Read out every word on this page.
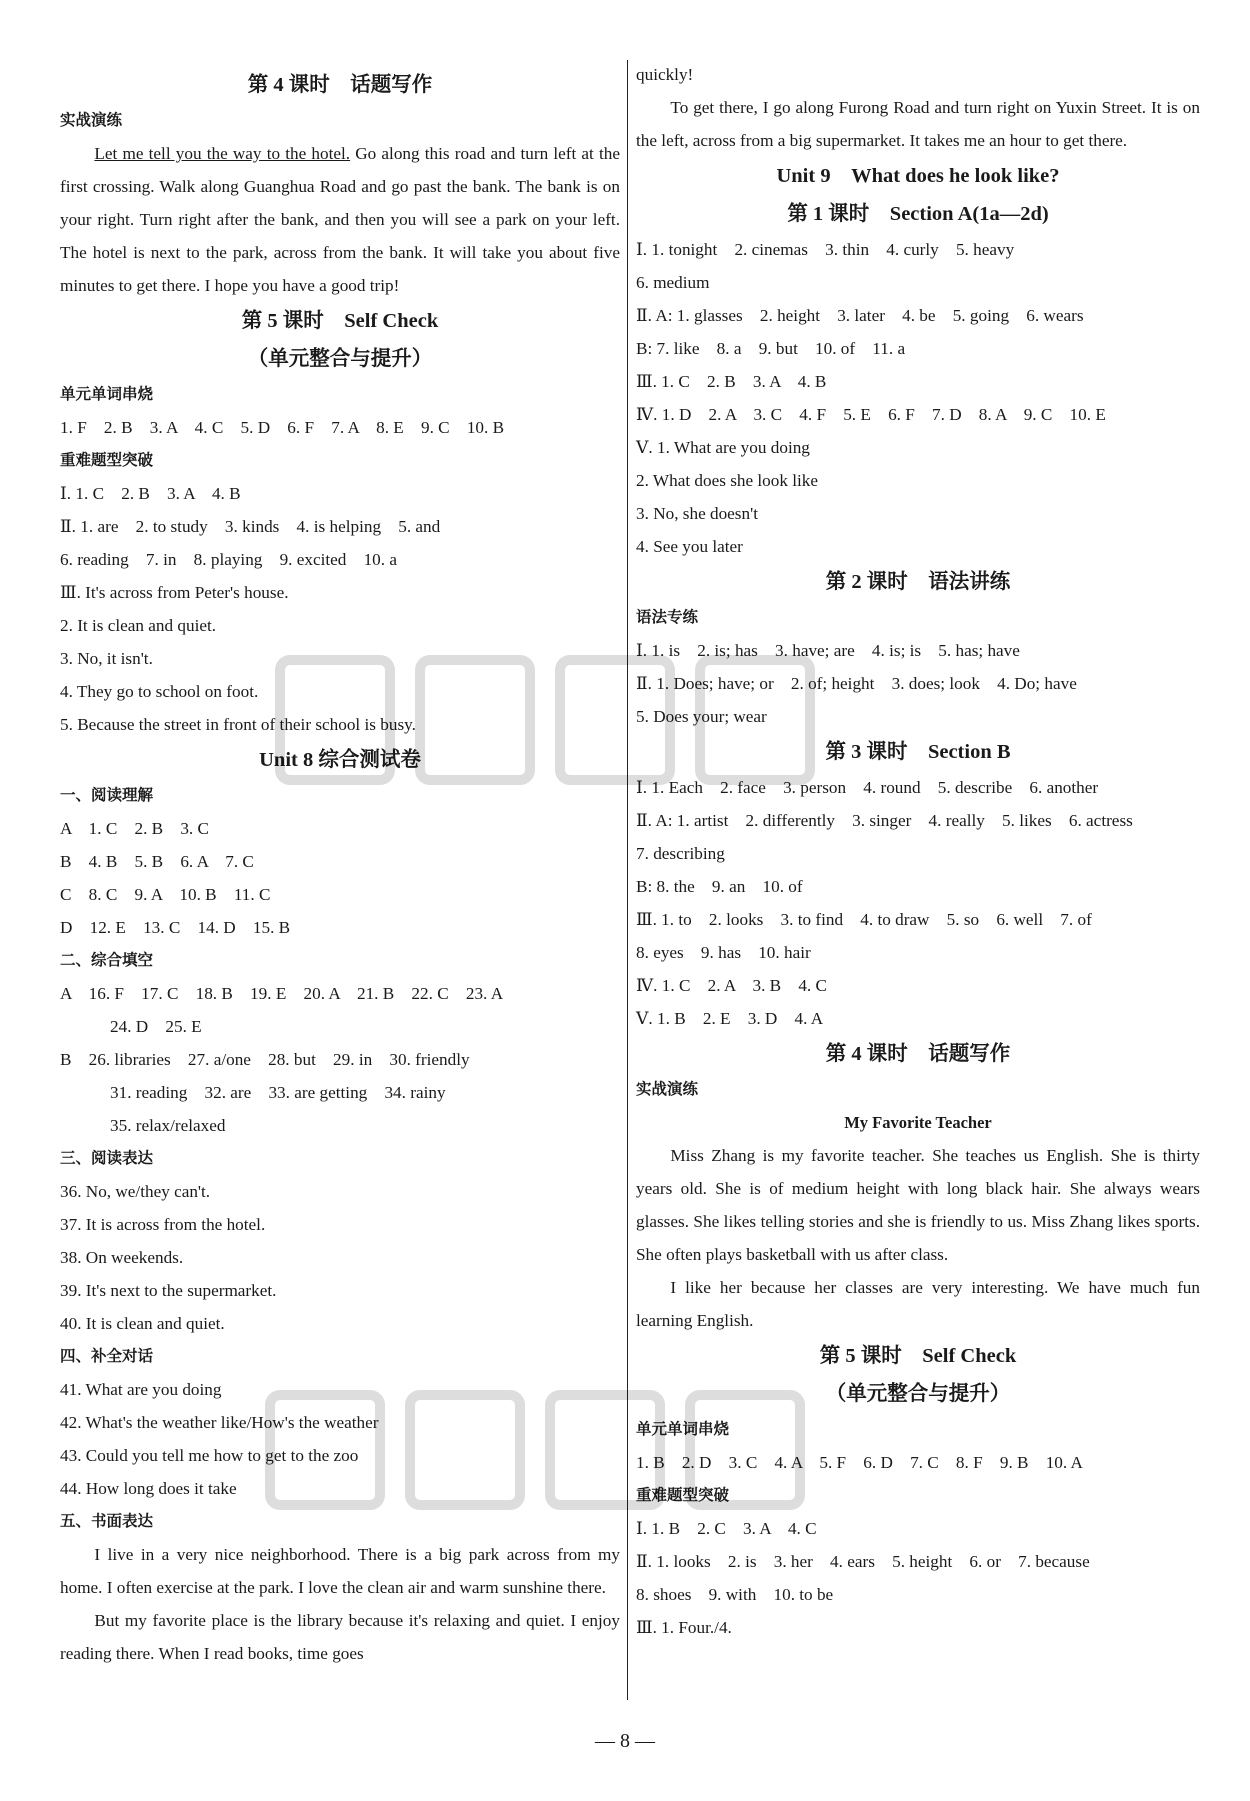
第 4 课时　话题写作
实战演练

Let me tell you the way to the hotel. Go along this road and turn left at the first crossing. Walk along Guanghua Road and go past the bank. The bank is on your right. Turn right after the bank, and then you will see a park on your left. The hotel is next to the park, across from the bank. It will take you about five minutes to get there. I hope you have a good trip!

第 5 课时　Self Check
（单元整合与提升）
单元单词串烧
1. F　2. B　3. A　4. C　5. D　6. F　7. A　8. E　9. C　10. B
重难题型突破
Ⅰ. 1. C　2. B　3. A　4. B
Ⅱ. 1. are　2. to study　3. kinds　4. is helping　5. and
6. reading　7. in　8. playing　9. excited　10. a
Ⅲ. It's across from Peter's house.
2. It is clean and quiet.
3. No, it isn't.
4. They go to school on foot.
5. Because the street in front of their school is busy.
Unit 8 综合测试卷
一、阅读理解
A　1. C　2. B　3. C
B　4. B　5. B　6. A　7. C
C　8. C　9. A　10. B　11. C
D　12. E　13. C　14. D　15. B
二、综合填空
A　16. F　17. C　18. B　19. E　20. A　21. B　22. C　23. A
24. D　25. E
B　26. libraries　27. a/one　28. but　29. in　30. friendly
31. reading　32. are　33. are getting　34. rainy
35. relax/relaxed
三、阅读表达
36. No, we/they can't.
37. It is across from the hotel.
38. On weekends.
39. It's next to the supermarket.
40. It is clean and quiet.
四、补全对话
41. What are you doing
42. What's the weather like/How's the weather
43. Could you tell me how to get to the zoo
44. How long does it take
五、书面表达

I live in a very nice neighborhood. There is a big park across from my home. I often exercise at the park. I love the clean air and warm sunshine there.

But my favorite place is the library because it's relaxing and quiet. I enjoy reading there. When I read books, time goes

quickly!

To get there, I go along Furong Road and turn right on Yuxin Street. It is on the left, across from a big supermarket. It takes me an hour to get there.

Unit 9　What does he look like?
第 1 课时　Section A(1a—2d)
Ⅰ. 1. tonight　2. cinemas　3. thin　4. curly　5. heavy
6. medium
Ⅱ. A: 1. glasses　2. height　3. later　4. be　5. going　6. wears
B: 7. like　8. a　9. but　10. of　11. a
Ⅲ. 1. C　2. B　3. A　4. B
Ⅳ. 1. D　2. A　3. C　4. F　5. E　6. F　7. D　8. A　9. C　10. E
Ⅴ. 1. What are you doing
2. What does she look like
3. No, she doesn't
4. See you later
第 2 课时　语法讲练
语法专练
Ⅰ. 1. is　2. is; has　3. have; are　4. is; is　5. has; have
Ⅱ. 1. Does; have; or　2. of; height　3. does; look　4. Do; have
5. Does your; wear
第 3 课时　Section B
Ⅰ. 1. Each　2. face　3. person　4. round　5. describe　6. another
Ⅱ. A: 1. artist　2. differently　3. singer　4. really　5. likes　6. actress
7. describing
B: 8. the　9. an　10. of
Ⅲ. 1. to　2. looks　3. to find　4. to draw　5. so　6. well　7. of
8. eyes　9. has　10. hair
Ⅳ. 1. C　2. A　3. B　4. C
Ⅴ. 1. B　2. E　3. D　4. A
第 4 课时　话题写作
实战演练
My Favorite Teacher

Miss Zhang is my favorite teacher. She teaches us English. She is thirty years old. She is of medium height with long black hair. She always wears glasses. She likes telling stories and she is friendly to us. Miss Zhang likes sports. She often plays basketball with us after class.

I like her because her classes are very interesting. We have much fun learning English.

第 5 课时　Self Check
（单元整合与提升）
单元单词串烧
1. B　2. D　3. C　4. A　5. F　6. D　7. C　8. F　9. B　10. A
重难题型突破
Ⅰ. 1. B　2. C　3. A　4. C
Ⅱ. 1. looks　2. is　3. her　4. ears　5. height　6. or　7. because
8. shoes　9. with　10. to be
Ⅲ. 1. Four./4.
— 8 —
